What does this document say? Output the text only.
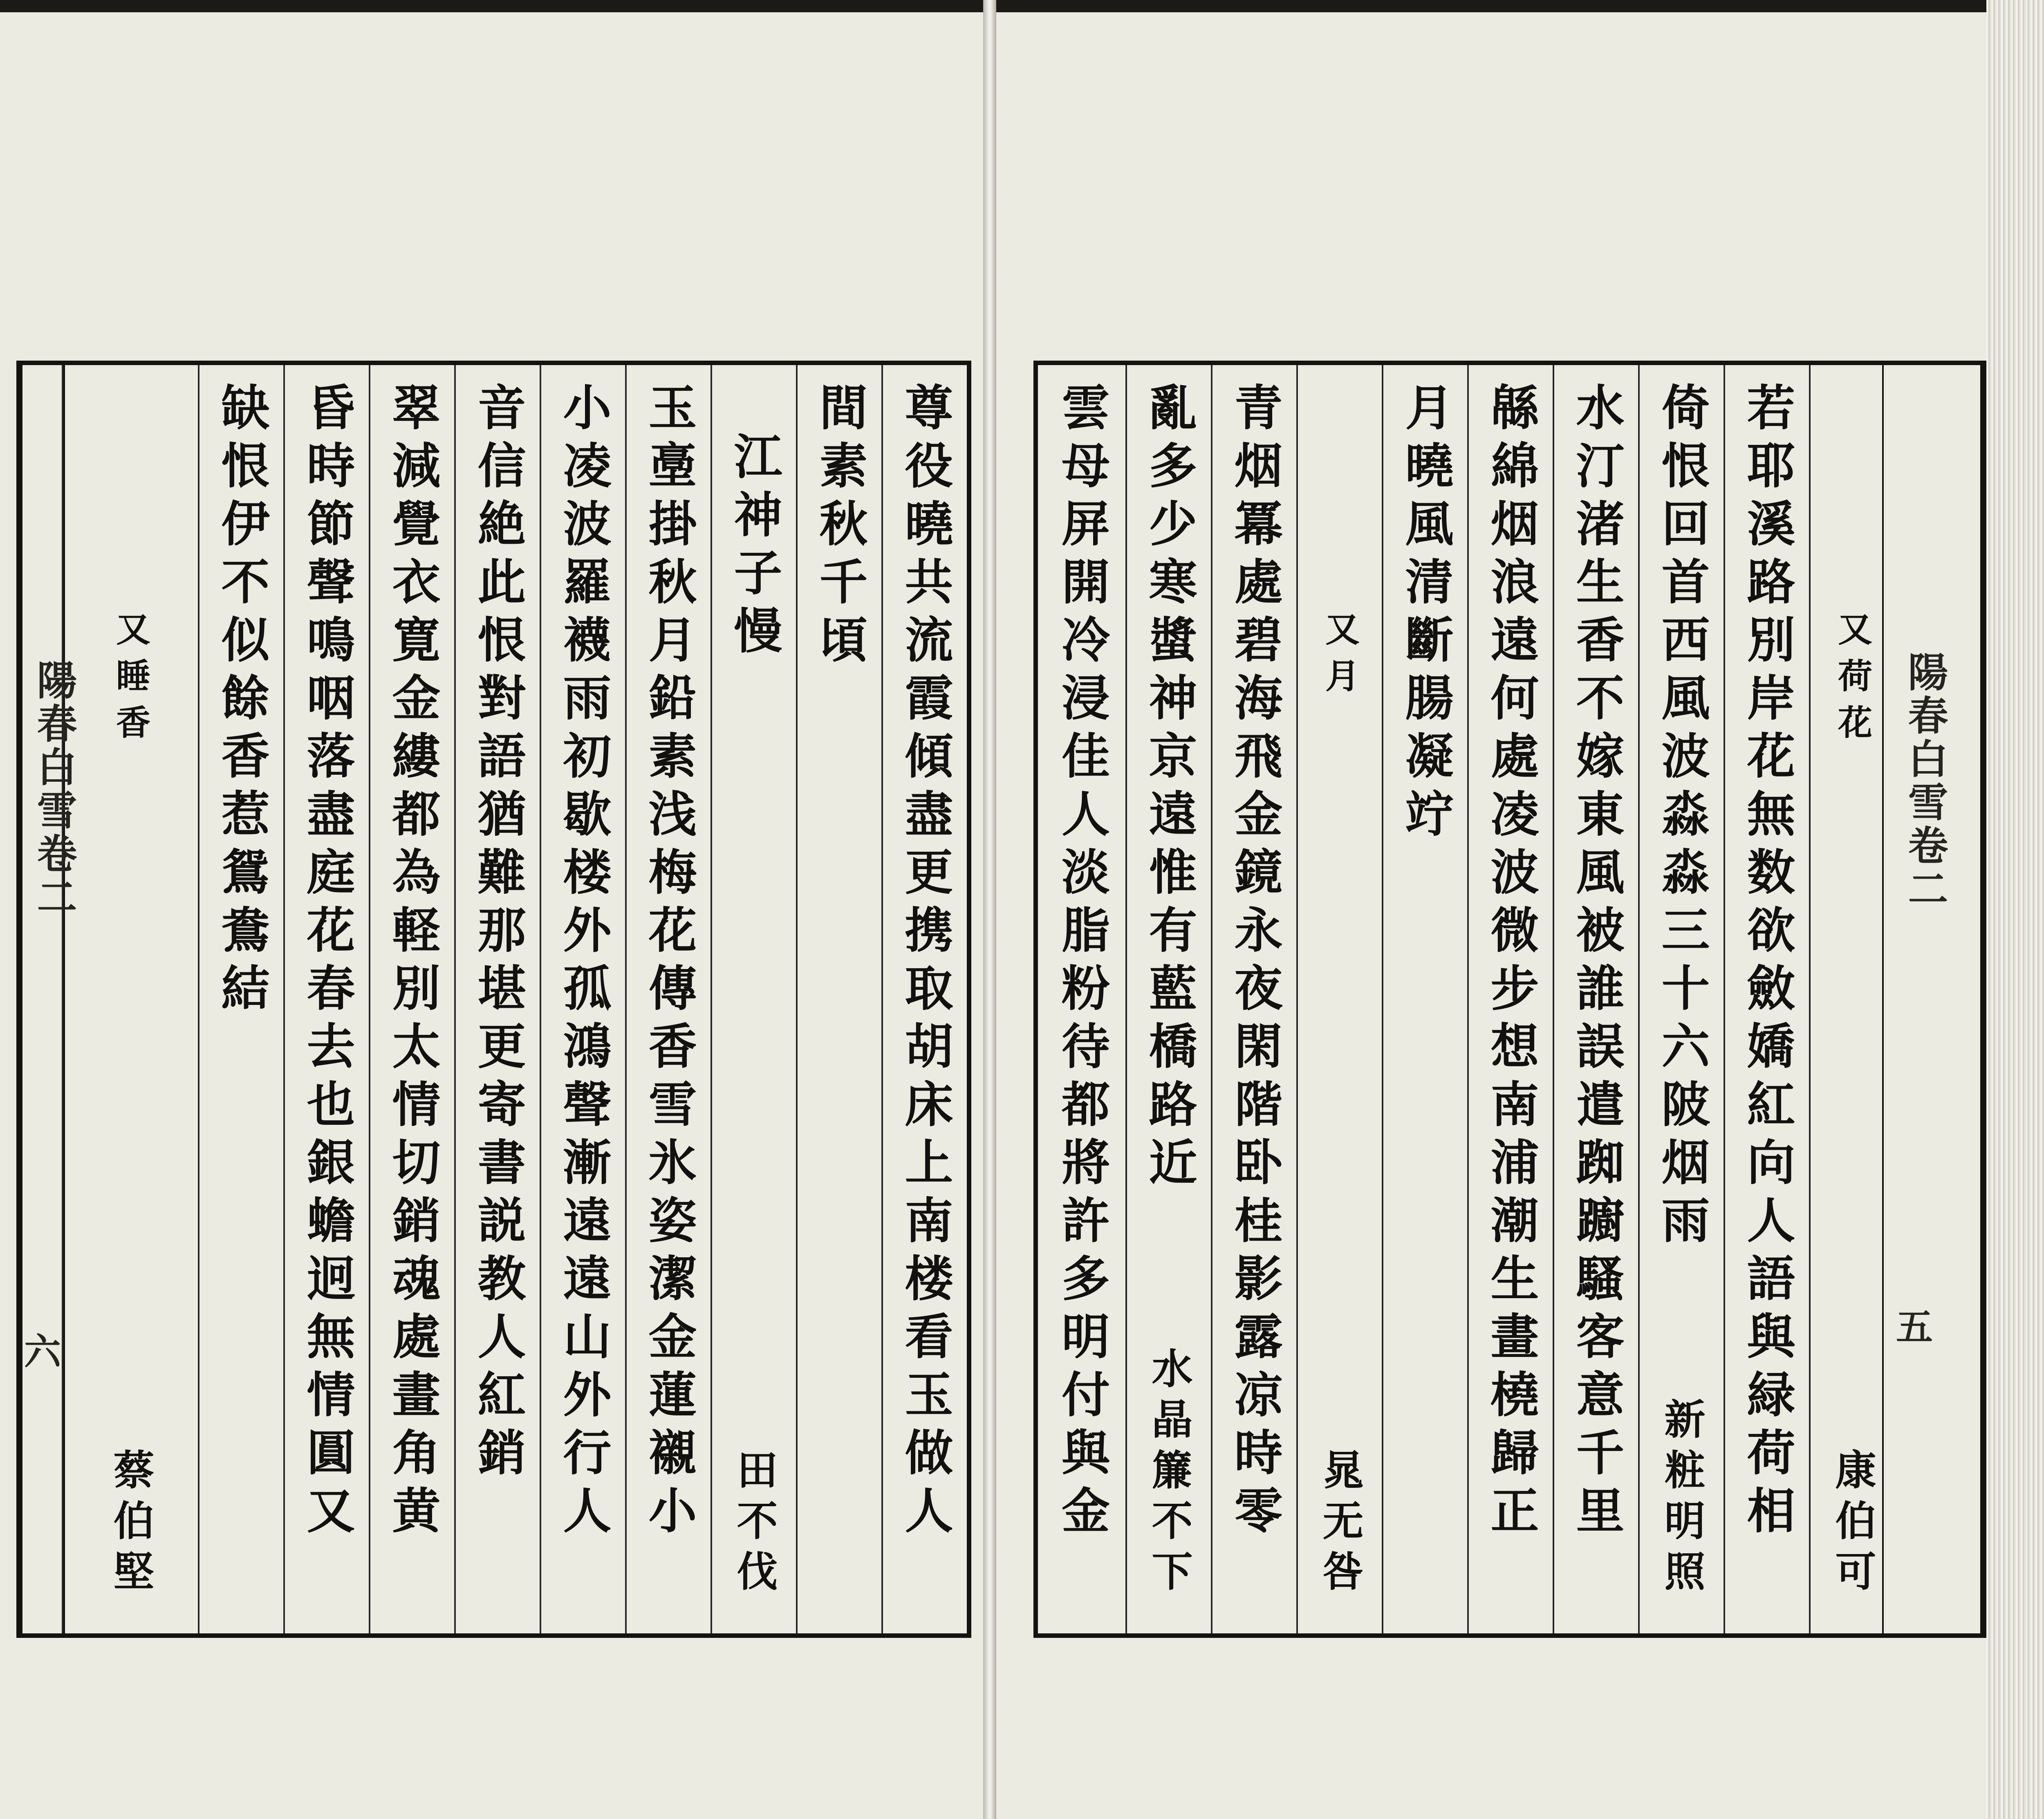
陽春白雪卷二
六	尊役曉共流霞傾盡更携取胡床上南楼看玉做人
間素秋千頃
江神子慢
田不伐
玉㙜掛秋月鉛素浅梅花傳香雪氷姿潔金蓮襯小
小凌波羅襪雨初歇楼外孤鴻聲漸遠遠山外行人
音信絶此恨對語猶難那堪更寄書説教人紅銷
翠減覺衣寛金縷都為軽別太情切銷魂處畫角黄
昏時節聲鳴咽落盡庭花春去也銀蟾迥無情圓又
缺恨伊不似餘香惹鴛鴦結
又睡香
蔡伯堅
陽春白雪卷二
五
又荷花
康伯可
若耶溪路別岸花無数欲斂嬌紅向人語與緑荷相
倚恨回首西風波淼淼三十六陂烟雨
新粧明照
水汀渚生香不嫁東風被誰誤遣踟躕騷客意千里
緜綿烟浪遠何處凌波微步想南浦潮生畫橈歸正
月曉風清斷腸凝竚
又月
晁无咎
青烟冪處碧海飛金鏡永夜閑階卧桂影露凉時零
亂多少寒螿神京遠惟有藍橋路近
水晶簾不下
雲母屏開冷浸佳人淡脂粉待都將許多明付與金
